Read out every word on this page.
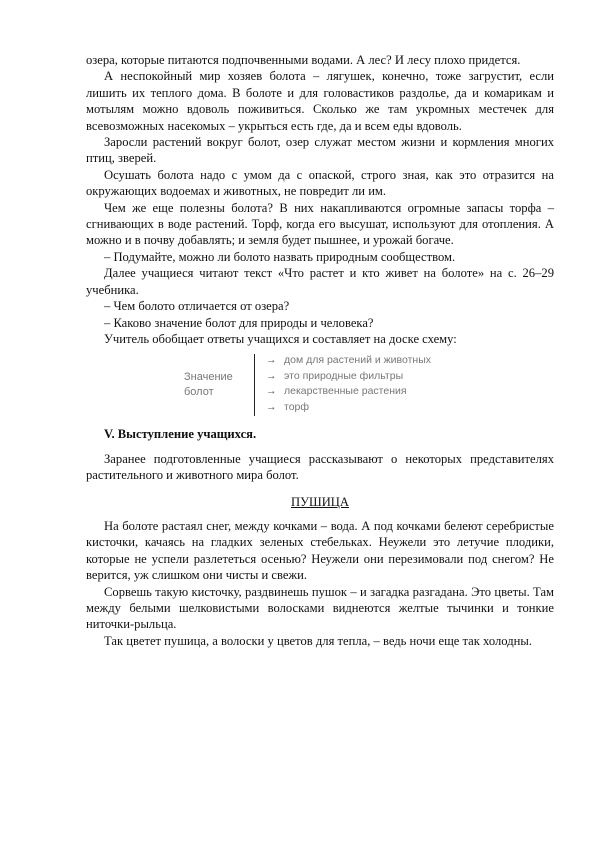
озера, которые питаются подпочвенными водами. А лес? И лесу плохо придется.

А неспокойный мир хозяев болота – лягушек, конечно, тоже загрустит, если лишить их теплого дома. В болоте и для головастиков раздолье, да и комарикам и мотылям можно вдоволь поживиться. Сколько же там укромных местечек для всевозможных насекомых – укрыться есть где, да и всем еды вдоволь.

Заросли растений вокруг болот, озер служат местом жизни и кормления многих птиц, зверей.

Осушать болота надо с умом да с опаской, строго зная, как это отразится на окружающих водоемах и животных, не повредит ли им.

Чем же еще полезны болота? В них накапливаются огромные запасы торфа – сгнивающих в воде растений. Торф, когда его высушат, используют для отопления. А можно и в почву добавлять; и земля будет пышнее, и урожай богаче.

– Подумайте, можно ли болото назвать природным сообществом.

Далее учащиеся читают текст «Что растет и кто живет на болоте» на с. 26–29 учебника.

– Чем болото отличается от озера?

– Каково значение болот для природы и человека?

Учитель обобщает ответы учащихся и составляет на доске схему:

Значение
болот
→ дом для растений и животных
→ это природные фильтры
→ лекарственные растения
→ торф

V. Выступление учащихся.

Заранее подготовленные учащиеся рассказывают о некоторых представителях растительного и животного мира болот.

ПУШИЦА

На болоте растаял снег, между кочками – вода. А под кочками белеют серебристые кисточки, качаясь на гладких зеленых стебельках. Неужели это летучие плодики, которые не успели разлететься осенью? Неужели они перезимовали под снегом? Не верится, уж слишком они чисты и свежи.

Сорвешь такую кисточку, раздвинешь пушок – и загадка разгадана. Это цветы. Там между белыми шелковистыми волосками виднеются желтые тычинки и тонкие ниточки-рыльца.

Так цветет пушица, а волоски у цветов для тепла, – ведь ночи еще так холодны.
